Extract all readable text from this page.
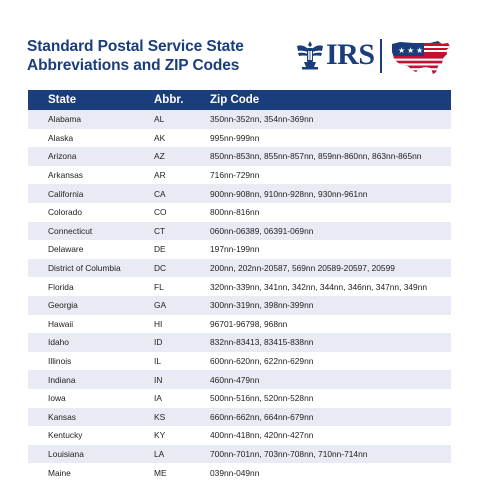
Standard Postal Service State
Abbreviations and ZIP Codes	IRS	★ ★ ★
State	Abbr.	Zip Code
Alabama	AL	350nn-352nn, 354nn-369nn
Alaska	AK	995nn-999nn
Arizona	AZ	850nn-853nn, 855nn-857nn, 859nn-860nn, 863nn-865nn
Arkansas	AR	716nn-729nn
California	CA	900nn-908nn, 910nn-928nn, 930nn-961nn
Colorado	CO	800nn-816nn
Connecticut	CT	060nn-06389, 06391-069nn
Delaware	DE	197nn-199nn
District of Columbia	DC	200nn, 202nn-20587, 569nn 20589-20597, 20599
Florida	FL	320nn-339nn, 341nn, 342nn, 344nn, 346nn, 347nn, 349nn
Georgia	GA	300nn-319nn, 398nn-399nn
Hawaii	HI	96701-96798, 968nn
Idaho	ID	832nn-83413, 83415-838nn
Illinois	IL	600nn-620nn, 622nn-629nn
Indiana	IN	460nn-479nn
Iowa	IA	500nn-516nn, 520nn-528nn
Kansas	KS	660nn-662nn, 664nn-679nn
Kentucky	KY	400nn-418nn, 420nn-427nn
Louisiana	LA	700nn-701nn, 703nn-708nn, 710nn-714nn
Maine	ME	039nn-049nn
